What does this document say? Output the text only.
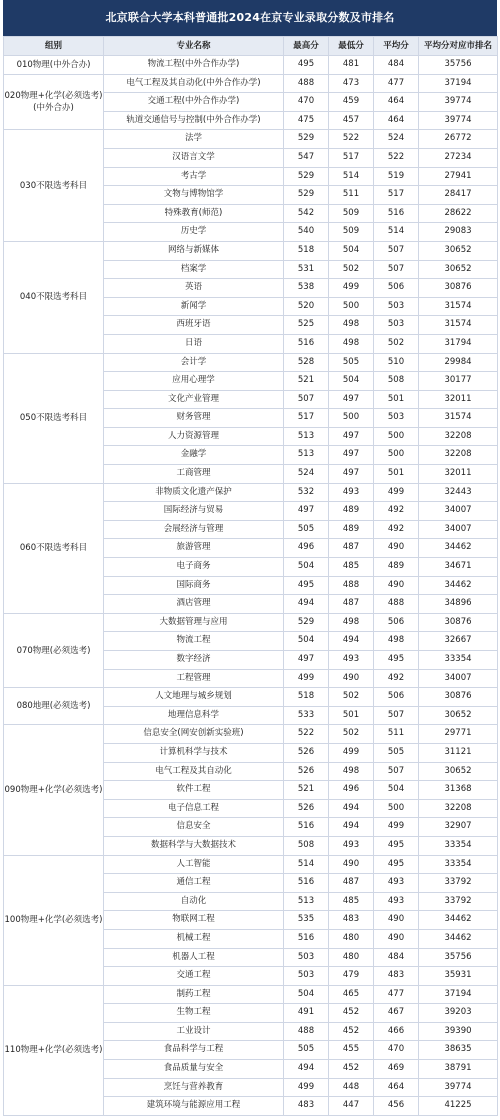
北京联合大学本科普通批2024在京专业录取分数及市排名
组别	专业名称	最高分	最低分	平均分	平均分对应市排名
010物理(中外合办)	物流工程(中外合作办学)	495	481	484	35756
020物理+化学(必须选考)(中外合办)	电气工程及其自动化(中外合作办学)	488	473	477	37194
	交通工程(中外合作办学)	470	459	464	39774
	轨道交通信号与控制(中外合作办学)	475	457	464	39774
030不限选考科目	法学	529	522	524	26772
	汉语言文学	547	517	522	27234
	考古学	529	514	519	27941
	文物与博物馆学	529	511	517	28417
	特殊教育(师范)	542	509	516	28622
	历史学	540	509	514	29083
040不限选考科目	网络与新媒体	518	504	507	30652
	档案学	531	502	507	30652
	英语	538	499	506	30876
	新闻学	520	500	503	31574
	西班牙语	525	498	503	31574
	日语	516	498	502	31794
050不限选考科目	会计学	528	505	510	29984
	应用心理学	521	504	508	30177
	文化产业管理	507	497	501	32011
	财务管理	517	500	503	31574
	人力资源管理	513	497	500	32208
	金融学	513	497	500	32208
	工商管理	524	497	501	32011
060不限选考科目	非物质文化遗产保护	532	493	499	32443
	国际经济与贸易	497	489	492	34007
	会展经济与管理	505	489	492	34007
	旅游管理	496	487	490	34462
	电子商务	504	485	489	34671
	国际商务	495	488	490	34462
	酒店管理	494	487	488	34896
070物理(必须选考)	大数据管理与应用	529	498	506	30876
	物流工程	504	494	498	32667
	数字经济	497	493	495	33354
	工程管理	499	490	492	34007
080地理(必须选考)	人文地理与城乡规划	518	502	506	30876
	地理信息科学	533	501	507	30652
090物理+化学(必须选考)	信息安全(网安创新实验班)	522	502	511	29771
	计算机科学与技术	526	499	505	31121
	电气工程及其自动化	526	498	507	30652
	软件工程	521	496	504	31368
	电子信息工程	526	494	500	32208
	信息安全	516	494	499	32907
	数据科学与大数据技术	508	493	495	33354
100物理+化学(必须选考)	人工智能	514	490	495	33354
	通信工程	516	487	493	33792
	自动化	513	485	493	33792
	物联网工程	535	483	490	34462
	机械工程	516	480	490	34462
	机器人工程	503	480	484	35756
	交通工程	503	479	483	35931
110物理+化学(必须选考)	制药工程	504	465	477	37194
	生物工程	491	452	467	39203
	工业设计	488	452	466	39390
	食品科学与工程	505	455	470	38635
	食品质量与安全	494	452	469	38791
	烹饪与营养教育	499	448	464	39774
	建筑环境与能源应用工程	483	447	456	41225
